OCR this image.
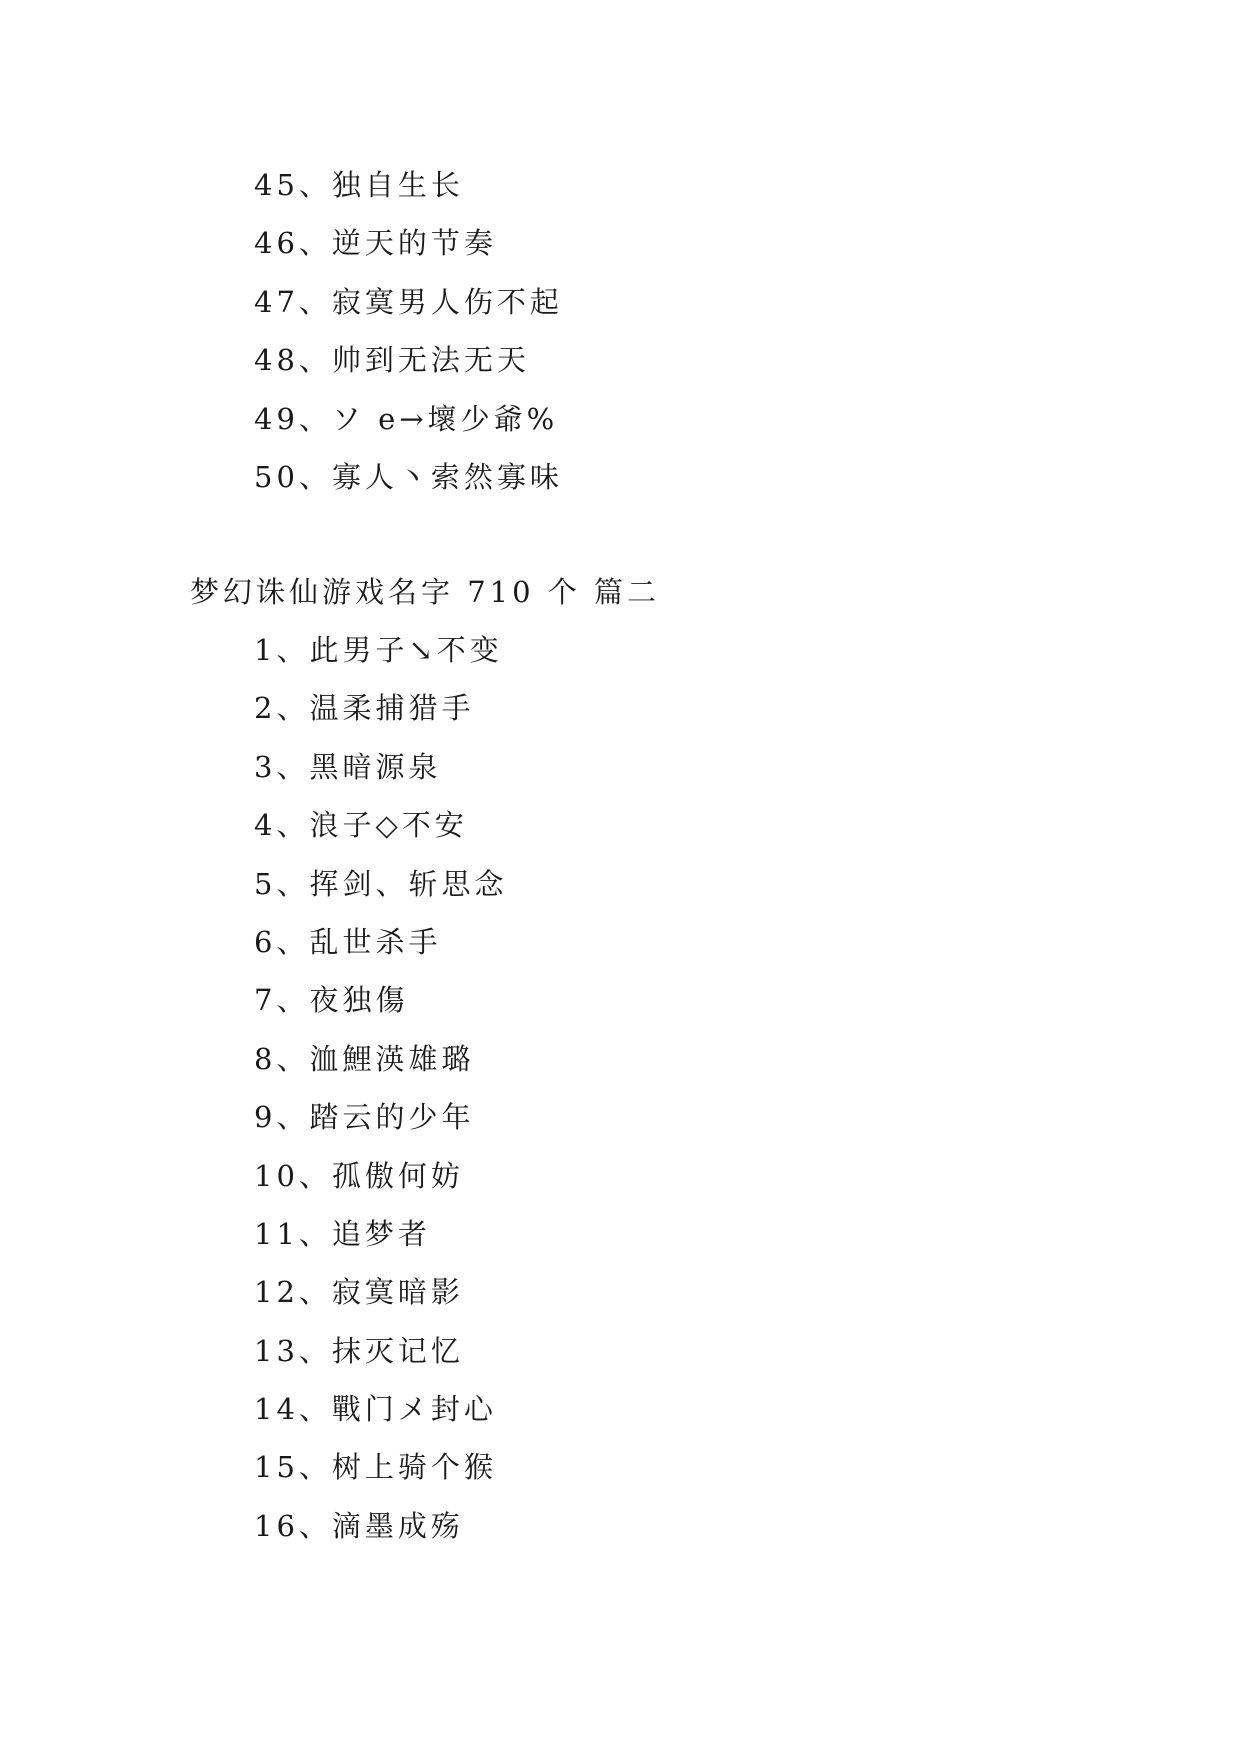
45、独自生长
46、逆天的节奏
47、寂寞男人伤不起
48、帅到无法无天
49、ソ e→壞少爺%
50、寡人丶索然寡味
梦幻诛仙游戏名字 710 个 篇二
1、此男子↘不变
2、温柔捕猎手
3、黑暗源泉
4、浪子◇不安
5、挥剑、斩思念
6、乱世杀手
7、夜独傷
8、洫鯉渶雄璐
9、踏云的少年
10、孤傲何妨
11、追梦者
12、寂寞暗影
13、抹灭记忆
14、戰门メ封心
15、树上骑个猴
16、滴墨成殇
